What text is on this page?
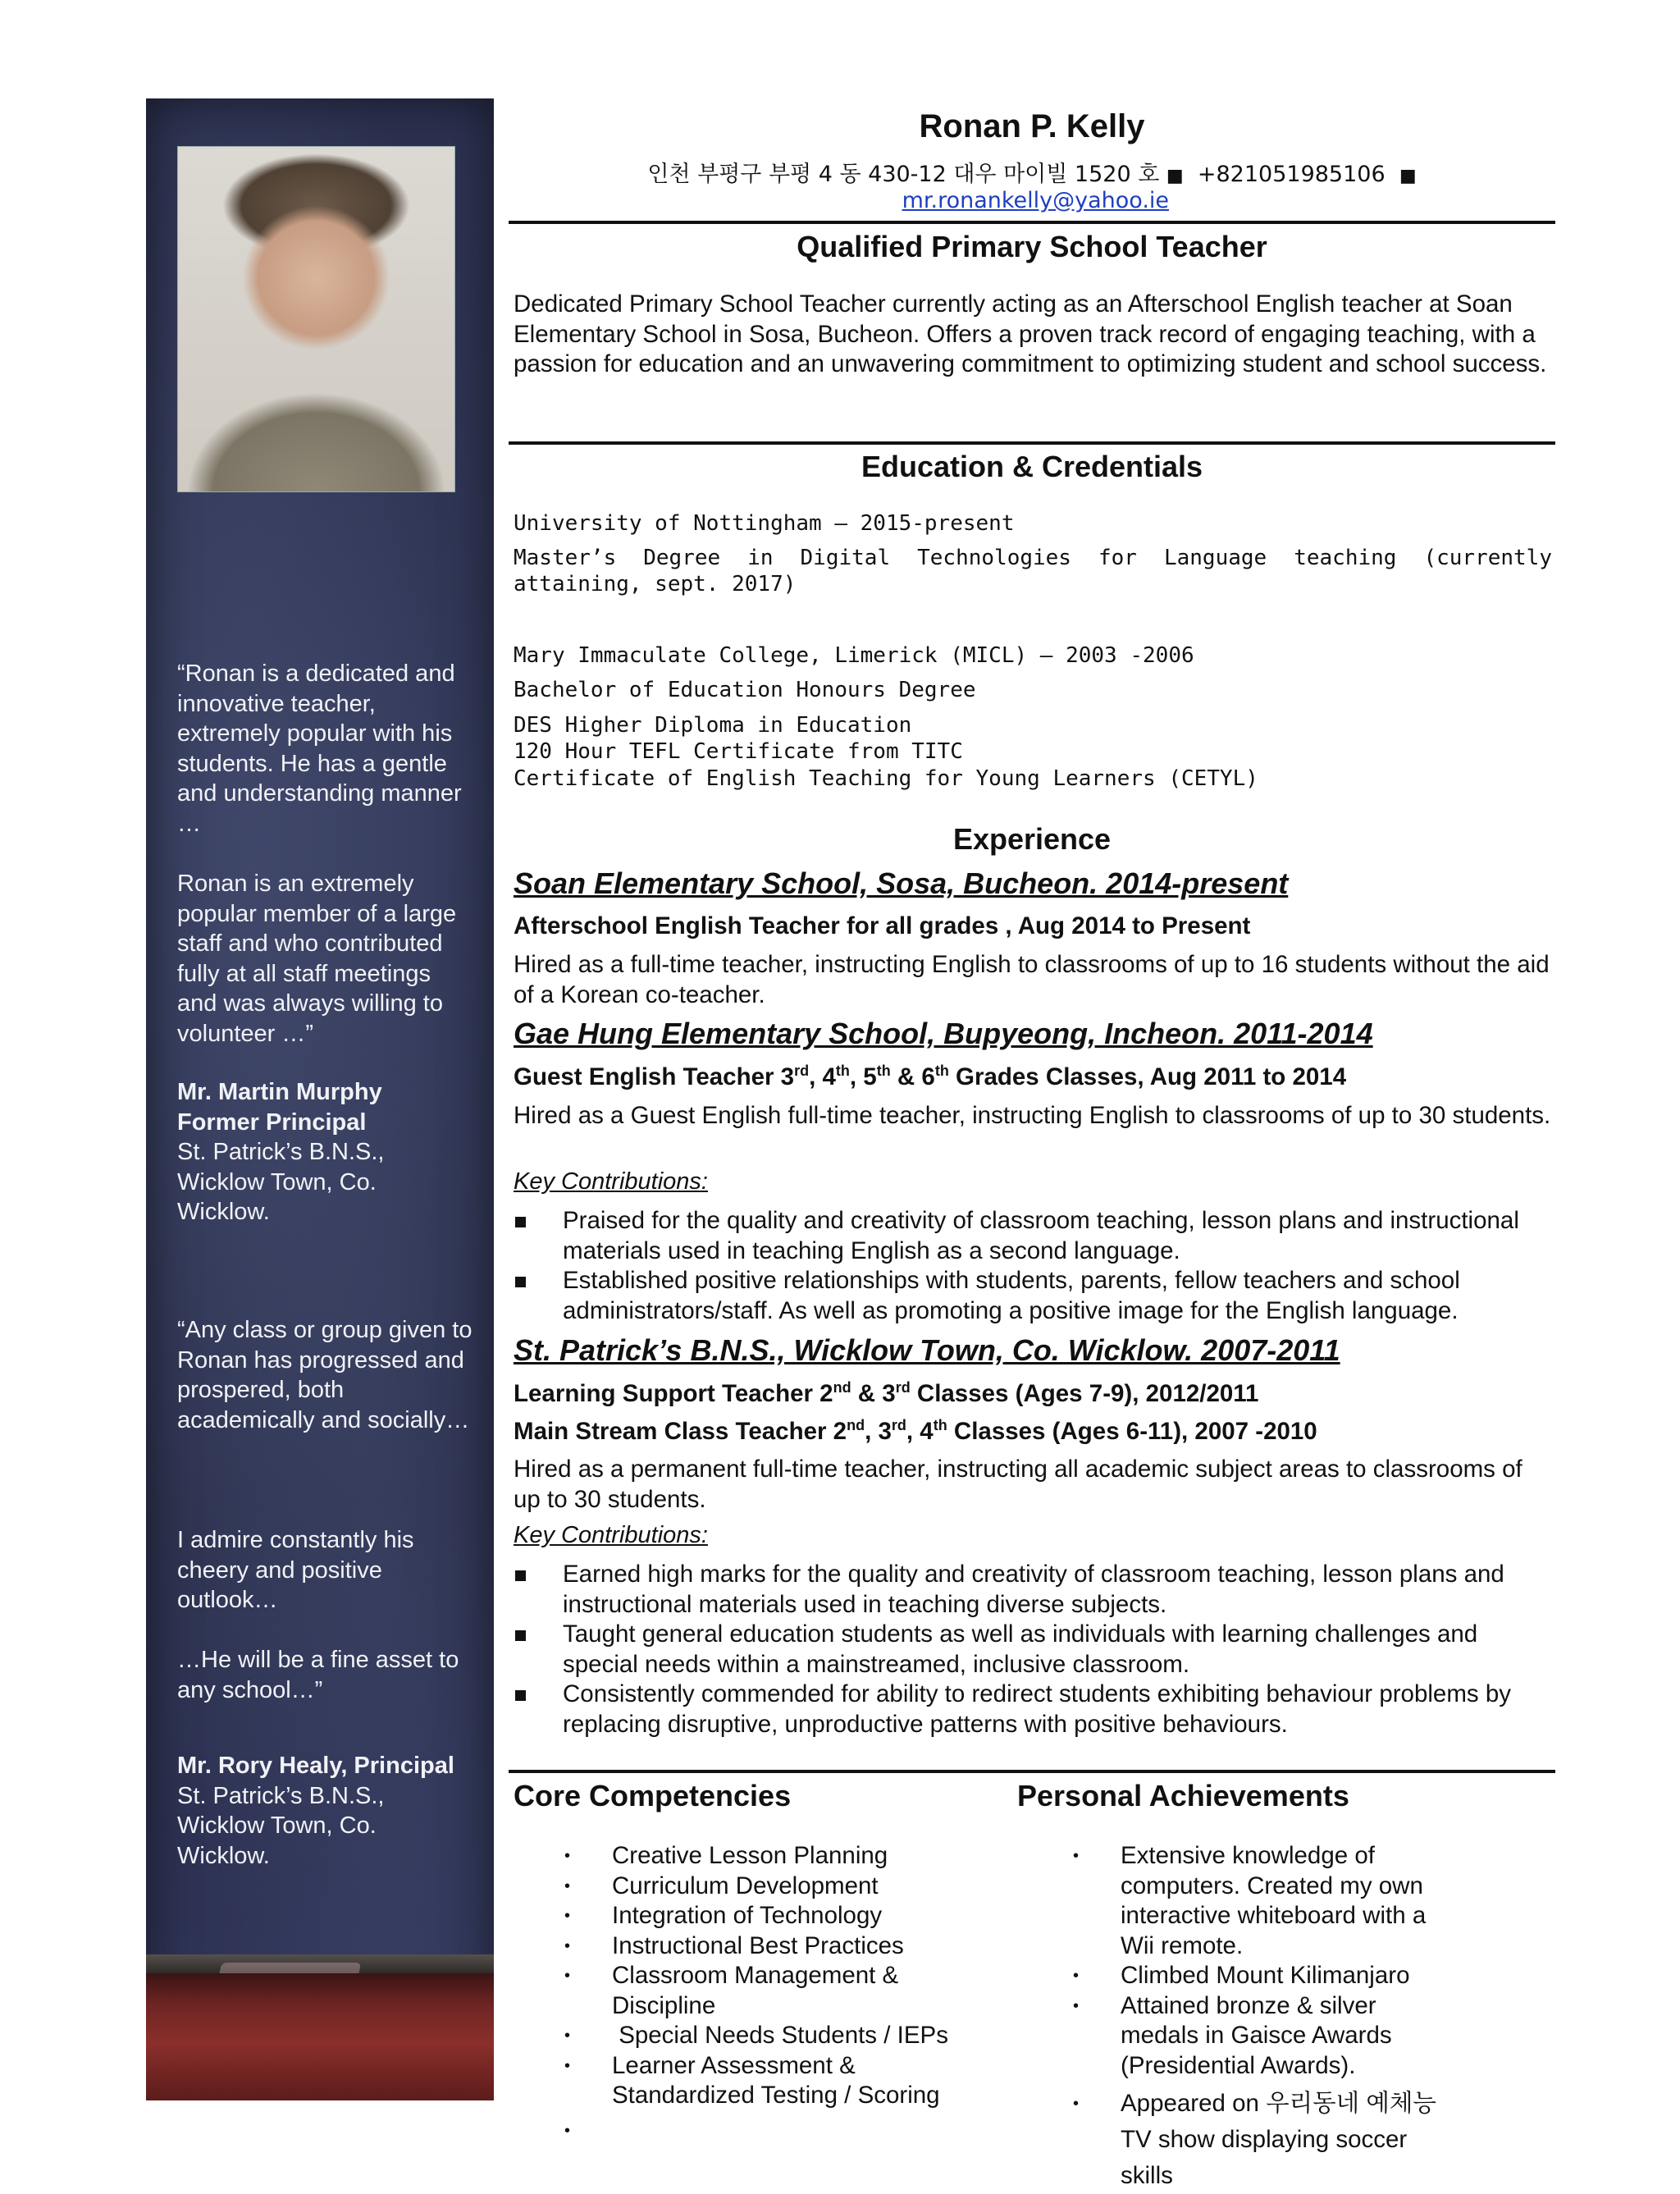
“Ronan is a dedicated and innovative teacher, extremely popular with his students. He has a gentle and understanding manner …
Ronan is an extremely popular member of a large staff and who contributed fully at all staff meetings and was always willing to volunteer …”
Mr. Martin Murphy
Former Principal
St. Patrick’s B.N.S., Wicklow Town, Co. Wicklow.
“Any class or group given to Ronan has progressed and prospered, both academically and socially…
I admire constantly his cheery and positive outlook…
…He will be a fine asset to any school…”
Mr. Rory Healy, Principal
St. Patrick’s B.N.S., Wicklow Town, Co. Wicklow.
Ronan P. Kelly
인천 부평구 부평 4 동 430-12 대우 마이빌 1520 호 ■ +821051985106 ■  mr.ronankelly@yahoo.ie
Qualified Primary School Teacher
Dedicated Primary School Teacher currently acting as an Afterschool English teacher at Soan Elementary School in Sosa, Bucheon. Offers a proven track record of engaging teaching, with a passion for education and an unwavering commitment to optimizing student and school success.
Education & Credentials
University of Nottingham – 2015-present
Master’s Degree in Digital Technologies for Language teaching (currently attaining, sept. 2017)
Mary Immaculate College, Limerick (MICL) — 2003 -2006
Bachelor of Education Honours Degree
DES Higher Diploma in Education
120 Hour TEFL Certificate from TITC
Certificate of English Teaching for Young Learners (CETYL)
Experience
Soan Elementary School, Sosa, Bucheon. 2014-present
Afterschool English Teacher for all grades , Aug 2014 to Present
Hired as a full-time teacher, instructing English to classrooms of up to 16 students without the aid of a Korean co-teacher.
Gae Hung Elementary School, Bupyeong, Incheon. 2011-2014
Guest English Teacher 3rd, 4th, 5th & 6th Grades Classes, Aug 2011 to 2014
Hired as a Guest English full-time teacher, instructing English to classrooms of up to 30 students.
Key Contributions:
Praised for the quality and creativity of classroom teaching, lesson plans and instructional materials used in teaching English as a second language.
Established positive relationships with students, parents, fellow teachers and school administrators/staff. As well as promoting a positive image for the English language.
St. Patrick’s B.N.S., Wicklow Town, Co. Wicklow. 2007-2011
Learning Support Teacher 2nd & 3rd Classes (Ages 7-9), 2012/2011
Main Stream Class Teacher 2nd, 3rd, 4th Classes (Ages 6-11), 2007 -2010
Hired as a permanent full-time teacher, instructing all academic subject areas to classrooms of up to 30 students.
Key Contributions:
Earned high marks for the quality and creativity of classroom teaching, lesson plans and instructional materials used in teaching diverse subjects.
Taught general education students as well as individuals with learning challenges and special needs within a mainstreamed, inclusive classroom.
Consistently commended for ability to redirect students exhibiting behaviour problems by replacing disruptive, unproductive patterns with positive behaviours.
Core Competencies	Personal Achievements
• Creative Lesson Planning
• Curriculum Development
• Integration of Technology
• Instructional Best Practices
• Classroom Management & Discipline
• Special Needs Students / IEPs
• Learner Assessment & Standardized Testing / Scoring
•
• Extensive knowledge of computers. Created my own interactive whiteboard with a Wii remote.
• Climbed Mount Kilimanjaro
• Attained bronze & silver medals in Gaisce Awards (Presidential Awards).
• Appeared on 우리동네 예체능 TV show displaying soccer skills
